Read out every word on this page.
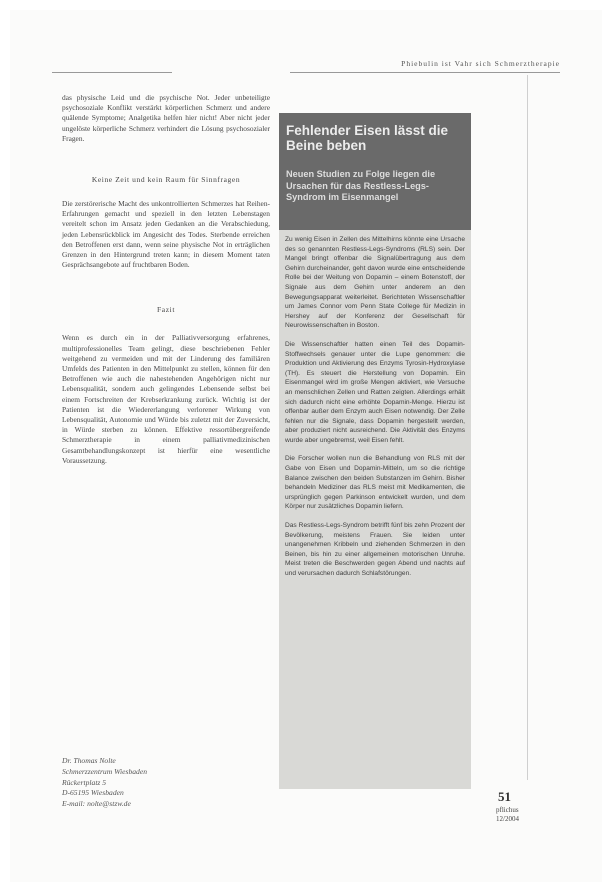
Phiebulin ist Vahr sich Schmerztherapie

das physische Leid und die psychische Not. Jeder unbeteiligte psychosoziale Konflikt verstärkt körperlichen Schmerz und andere quälende Symptome; Analgetika helfen hier nicht! Aber nicht jeder ungelöste körperliche Schmerz verhindert die Lösung psychosozialer Fragen.

Keine Zeit und kein Raum für Sinnfragen

Die zerstörerische Macht des unkontrollierten Schmerzes hat Reihen-Erfahrungen gemacht und speziell in den letzten Lebenstagen vereitelt schon im Ansatz jeden Gedanken an die Verabschiedung, jeden Lebensrückblick im Angesicht des Todes. Sterbende erreichen den Betroffenen erst dann, wenn seine physische Not in erträglichen Grenzen in den Hintergrund treten kann; in diesem Moment taten Gesprächsangebote auf fruchtbaren Boden.

Fazit

Wenn es durch ein in der Palliativversorgung erfahrenes, multiprofessionelles Team gelingt, diese beschriebenen Fehler weitgehend zu vermeiden und mit der Linderung des familiären Umfelds des Patienten in den Mittelpunkt zu stellen, können für den Betroffenen wie auch die nahestehenden Angehörigen nicht nur Lebensqualität, sondern auch gelingendes Lebensende selbst bei einem Fortschreiten der Krebserkrankung zurück. Wichtig ist der Patienten ist die Wiedererlangung verlorener Wirkung von Lebensqualität, Autonomie und Würde bis zuletzt mit der Zuversicht, in Würde sterben zu können. Effektive ressortübergreifende Schmerztherapie in einem palliativmedizinischen Gesamtbehandlungskonzept ist hierfür eine wesentliche Voraussetzung.

Dr. Thomas Nolte
Schmerzzentrum Wiesbaden
Rückertplatz 5
D-65195 Wiesbaden
E-mail: nolte@stzw.de
Fehlender Eisen lässt die Beine beben
Neuen Studien zu Folge liegen die Ursachen für das Restless-Legs-Syndrom im Eisenmangel

Zu wenig Eisen in Zellen des Mittelhirns könnte eine Ursache des so genannten Restless-Legs-Syndroms (RLS) sein. Der Mangel bringt offenbar die Signalübertragung aus dem Gehirn durcheinander, geht davon wurde eine entscheidende Rolle bei der Weitung von Dopamin – einem Botenstoff, der Signale aus dem Gehirn unter anderem an den Bewegungsapparat weiterleitet. Berichteten Wissenschaftler um James Connor vom Penn State College für Medizin in Hershey auf der Konferenz der Gesellschaft für Neurowissenschaften in Boston.

Die Wissenschaftler hatten einen Teil des Dopamin-Stoffwechsels genauer unter die Lupe genommen: die Produktion und Aktivierung des Enzyms Tyrosin-Hydroxylase (TH). Es steuert die Herstellung von Dopamin. Ein Eisenmangel wird im große Mengen aktiviert, wie Versuche an menschlichen Zellen und Ratten zeigten. Allerdings erhält sich dadurch nicht eine erhöhte Dopamin-Menge. Hierzu ist offenbar außer dem Enzym auch Eisen notwendig. Der Zelle fehlen nur die Signale, dass Dopamin hergestellt werden, aber produziert nicht ausreichend. Die Aktivität des Enzyms wurde aber ungebremst, weil Eisen fehlt.

Die Forscher wollen nun die Behandlung von RLS mit der Gabe von Eisen und Dopamin-Mitteln, um so die richtige Balance zwischen den beiden Substanzen im Gehirn. Bisher behandeln Mediziner das RLS meist mit Medikamenten, die ursprünglich gegen Parkinson entwickelt wurden, und dem Körper nur zusätzliches Dopamin liefern.

Das Restless-Legs-Syndrom betrifft fünf bis zehn Prozent der Bevölkerung, meistens Frauen. Sie leiden unter unangenehmen Kribbeln und ziehenden Schmerzen in den Beinen, bis hin zu einer allgemeinen motorischen Unruhe. Meist treten die Beschwerden gegen Abend und nachts auf und verursachen dadurch Schlafstörungen.

51
pflichus
12/2004
